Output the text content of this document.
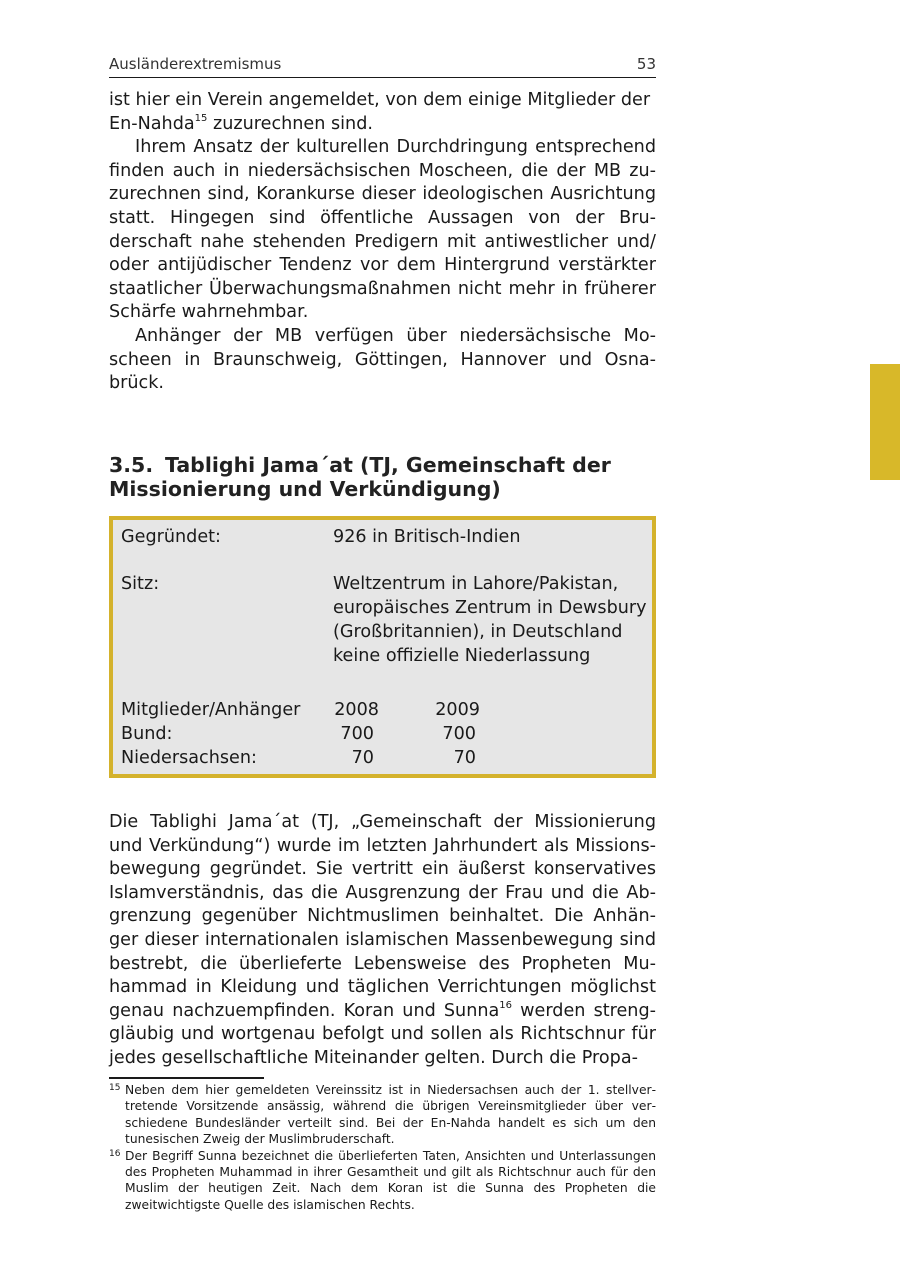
Ausländerextremismus	53

ist hier ein Verein angemeldet, von dem einige Mitglieder der
En-Nahda$^{15}$ zuzurechnen sind.

Ihrem Ansatz der kulturellen Durchdringung entsprechend finden auch in niedersächsischen Moscheen, die der MB zuzurechnen sind, Korankurse dieser ideologischen Ausrichtung statt. Hingegen sind öffentliche Aussagen von der Bruderschaft nahe stehenden Predigern mit antiwestlicher und/ oder antijüdischer Tendenz vor dem Hintergrund verstärkter staatlicher Überwachungsmaßnahmen nicht mehr in früherer Schärfe wahrnehmbar.

Anhänger der MB verfügen über niedersächsische Moscheen in Braunschweig, Göttingen, Hannover und Osnabrück.

3.5. Tablighi Jama´at (TJ, Gemeinschaft der Missionierung und Verkündigung)
Gegründet:	926 in Britisch-Indien
Sitz:	Weltzentrum in Lahore/Pakistan,
europäisches Zentrum in Dewsbury
(Großbritannien), in Deutschland
keine offizielle Niederlassung
Mitglieder/Anhänger 2008	2009
Bund:	700	700
Niedersachsen:	70	70

Die Tablighi Jama´at (TJ, „Gemeinschaft der Missionierung und Verkündung“) wurde im letzten Jahrhundert als Missionsbewegung gegründet. Sie vertritt ein äußerst konservatives Islamverständnis, das die Ausgrenzung der Frau und die Abgrenzung gegenüber Nichtmuslimen beinhaltet. Die Anhänger dieser internationalen islamischen Massenbewegung sind bestrebt, die überlieferte Lebensweise des Propheten Muhammad in Kleidung und täglichen Verrichtungen möglichst genau nachzuempfinden. Koran und Sunna$^{16}$ werden strenggläubig und wortgenau befolgt und sollen als Richtschnur für jedes gesellschaftliche Miteinander gelten. Durch die Propa-

15 Neben dem hier gemeldeten Vereinssitz ist in Niedersachsen auch der 1. stellvertretende Vorsitzende ansässig, während die übrigen Vereinsmitglieder über verschiedene Bundesländer verteilt sind. Bei der En-Nahda handelt es sich um den tunesischen Zweig der Muslimbruderschaft.
16 Der Begriff Sunna bezeichnet die überlieferten Taten, Ansichten und Unterlassungen des Propheten Muhammad in ihrer Gesamtheit und gilt als Richtschnur auch für den Muslim der heutigen Zeit. Nach dem Koran ist die Sunna des Propheten die zweitwichtigste Quelle des islamischen Rechts.
